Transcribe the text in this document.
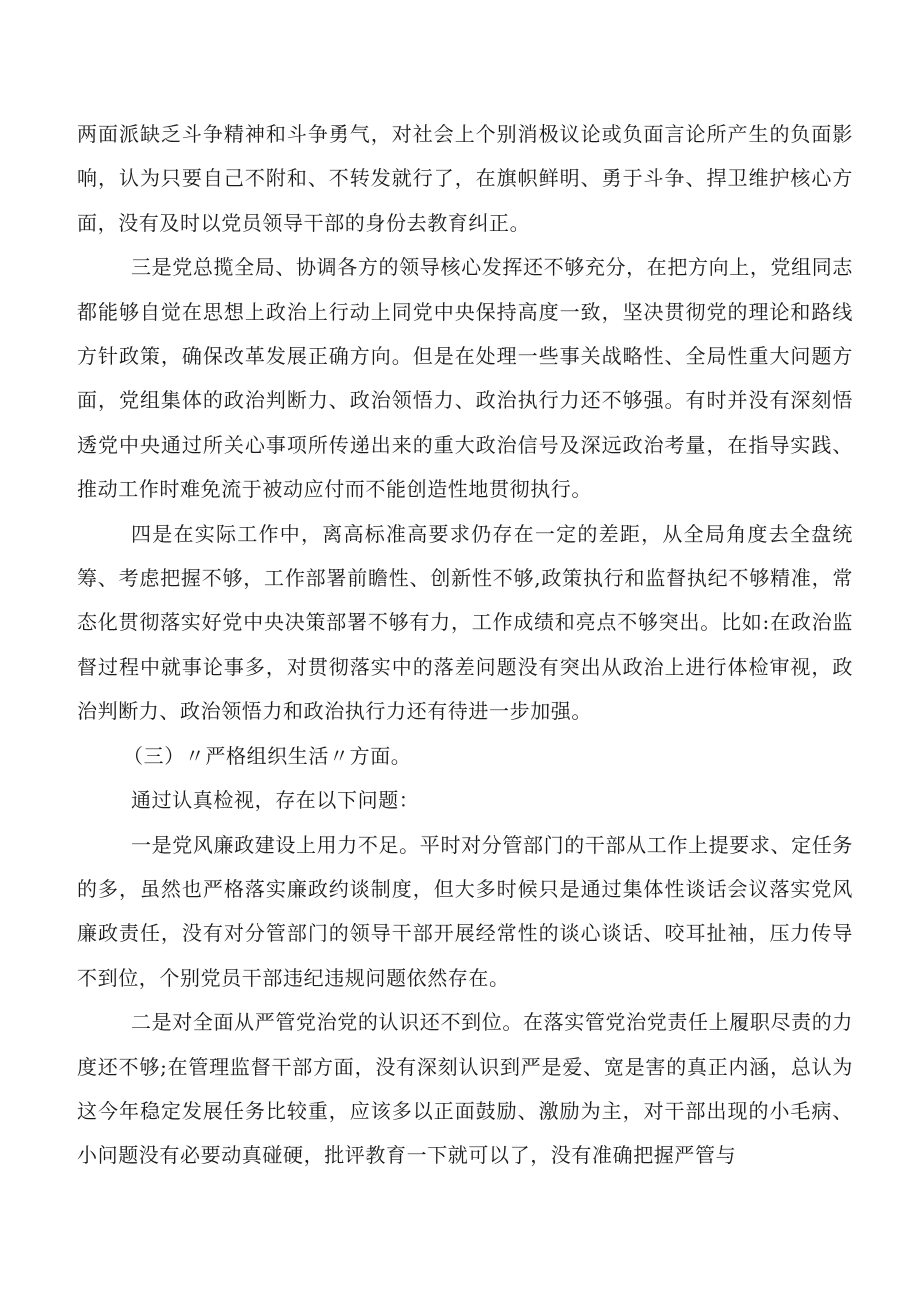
两面派缺乏斗争精神和斗争勇气，对社会上个别消极议论或负面言论所产生的负面影响，认为只要自己不附和、不转发就行了，在旗帜鲜明、勇于斗争、捍卫维护核心方面，没有及时以党员领导干部的身份去教育纠正。

三是党总揽全局、协调各方的领导核心发挥还不够充分，在把方向上，党组同志都能够自觉在思想上政治上行动上同党中央保持高度一致，坚决贯彻党的理论和路线方针政策，确保改革发展正确方向。但是在处理一些事关战略性、全局性重大问题方面，党组集体的政治判断力、政治领悟力、政治执行力还不够强。有时并没有深刻悟透党中央通过所关心事项所传递出来的重大政治信号及深远政治考量，在指导实践、推动工作时难免流于被动应付而不能创造性地贯彻执行。

四是在实际工作中，离高标准高要求仍存在一定的差距，从全局角度去全盘统筹、考虑把握不够，工作部署前瞻性、创新性不够,政策执行和监督执纪不够精准，常态化贯彻落实好党中央决策部署不够有力，工作成绩和亮点不够突出。比如:在政治监督过程中就事论事多，对贯彻落实中的落差问题没有突出从政治上进行体检审视，政治判断力、政治领悟力和政治执行力还有待进一步加强。

（三）〃严格组织生活〃方面。

通过认真检视，存在以下问题：

一是党风廉政建设上用力不足。平时对分管部门的干部从工作上提要求、定任务的多，虽然也严格落实廉政约谈制度，但大多时候只是通过集体性谈话会议落实党风廉政责任，没有对分管部门的领导干部开展经常性的谈心谈话、咬耳扯袖，压力传导不到位，个别党员干部违纪违规问题依然存在。

二是对全面从严管党治党的认识还不到位。在落实管党治党责任上履职尽责的力度还不够;在管理监督干部方面，没有深刻认识到严是爱、宽是害的真正内涵，总认为这今年稳定发展任务比较重，应该多以正面鼓励、激励为主，对干部出现的小毛病、小问题没有必要动真碰硬，批评教育一下就可以了，没有准确把握严管与
